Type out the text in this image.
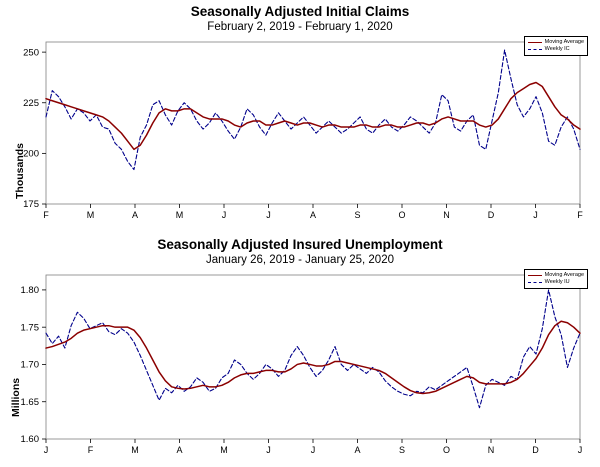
Seasonally Adjusted Initial Claims
February 2, 2019 - February 1, 2020
Thousands
175
200
225
250
F	M	A	M	J	J	A	S	O	N	D	J	F
Moving Average
Weekly IC
Seasonally Adjusted Insured Unemployment
January 26, 2019 - January 25, 2020
Millions
1.60
1.65
1.70
1.75
1.80
J	F	M	A	M	J	J	A	S	O	N	D	J
Moving Average
Weekly IU
